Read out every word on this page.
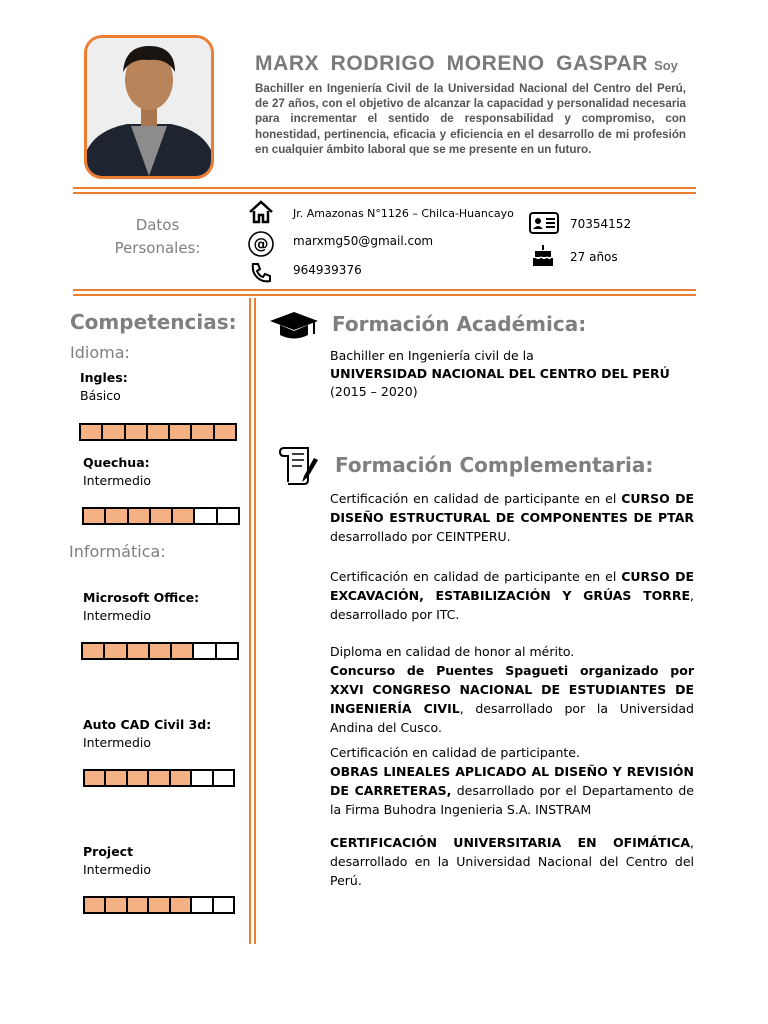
MARX RODRIGO MORENO GASPAR Soy
Bachiller en Ingeniería Civil de la Universidad Nacional del Centro del Perú, de 27 años, con el objetivo de alcanzar la capacidad y personalidad necesaria para incrementar el sentido de responsabilidad y compromiso, con honestidad, pertinencia, eficacia y eficiencia en el desarrollo de mi profesión en cualquier ámbito laboral que se me presente en un futuro.
Datos
Personales:
Jr. Amazonas N°1126 – Chilca-Huancayo
@ marxmg50@gmail.com
964939376
70354152
27 años
Competencias:
Idioma:
Ingles:
Básico
Quechua:
Intermedio
Informática:
Microsoft Office:
Intermedio
Auto CAD Civil 3d:
Intermedio
Project
Intermedio
Formación Académica:
Bachiller en Ingeniería civil de la
UNIVERSIDAD NACIONAL DEL CENTRO DEL PERÚ
(2015 – 2020)
Formación Complementaria:
Certificación en calidad de participante en el CURSO DE DISEÑO ESTRUCTURAL DE COMPONENTES DE PTAR desarrollado por CEINTPERU.
Certificación en calidad de participante en el CURSO DE EXCAVACIÓN, ESTABILIZACIÓN Y GRÚAS TORRE, desarrollado por ITC.
Diploma en calidad de honor al mérito.
Concurso de Puentes Spagueti organizado por XXVI CONGRESO NACIONAL DE ESTUDIANTES DE INGENIERÍA CIVIL, desarrollado por la Universidad Andina del Cusco.
Certificación en calidad de participante.
OBRAS LINEALES APLICADO AL DISEÑO Y REVISIÓN DE CARRETERAS, desarrollado por el Departamento de la Firma Buhodra Ingenieria S.A. INSTRAM
CERTIFICACIÓN UNIVERSITARIA EN OFIMÁTICA, desarrollado en la Universidad Nacional del Centro del Perú.
